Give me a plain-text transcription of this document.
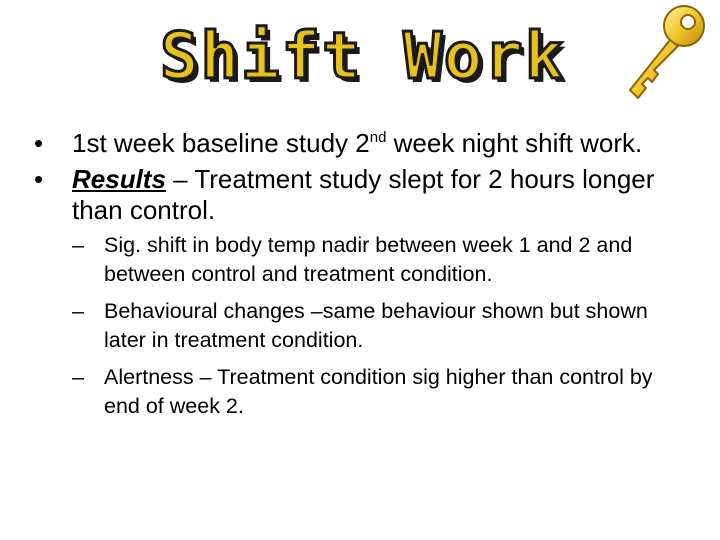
Shift Work
•	1st week baseline study 2nd week night shift work.
•	Results – Treatment study slept for 2 hours longer than control.
– Sig. shift in body temp nadir between week 1 and 2 and between control and treatment condition.
– Behavioural changes –same behaviour shown but shown later in treatment condition.
– Alertness – Treatment condition sig higher than control by end of week 2.
